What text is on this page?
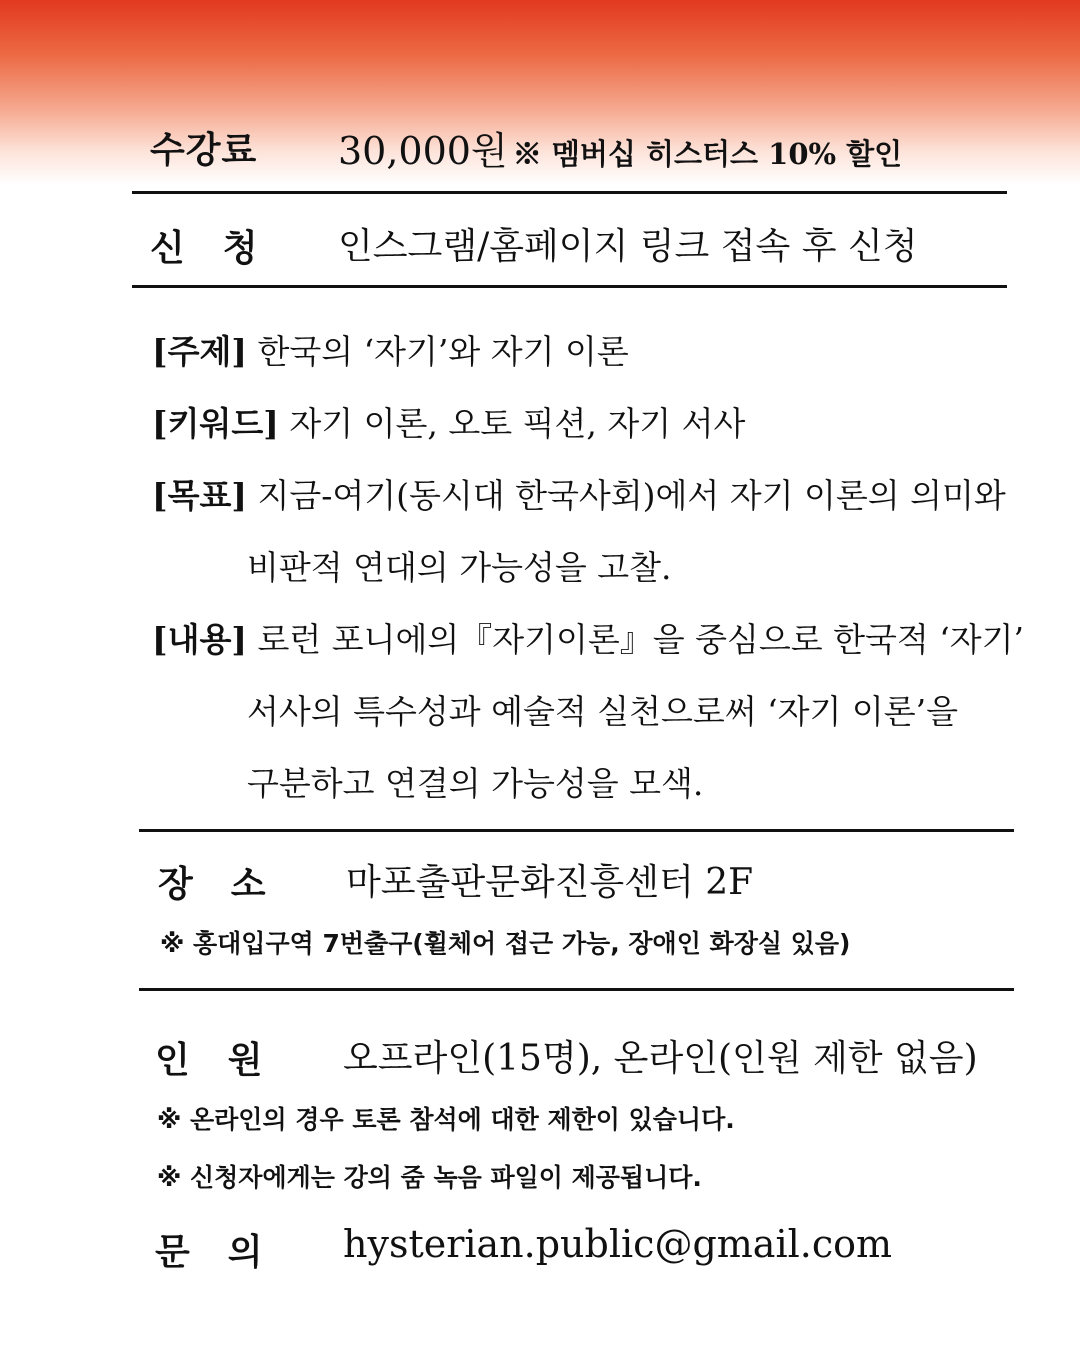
수강료 30,000원 ※ 멤버십 히스터스 10% 할인
신　청 인스그램/홈페이지 링크 접속 후 신청
[주제] 한국의 ‘자기’와 자기 이론
[키워드] 자기 이론, 오토 픽션, 자기 서사
[목표] 지금-여기(동시대 한국사회)에서 자기 이론의 의미와
비판적 연대의 가능성을 고찰.
[내용] 로런 포니에의『자기이론』을 중심으로 한국적 ‘자기’
서사의 특수성과 예술적 실천으로써 ‘자기 이론’을
구분하고 연결의 가능성을 모색.
장　소 마포출판문화진흥센터 2F
※ 홍대입구역 7번출구(휠체어 접근 가능, 장애인 화장실 있음)
인　원 오프라인(15명), 온라인(인원 제한 없음)
※ 온라인의 경우 토론 참석에 대한 제한이 있습니다.
※ 신청자에게는 강의 줌 녹음 파일이 제공됩니다.
문　의 hysterian.public@gmail.com
